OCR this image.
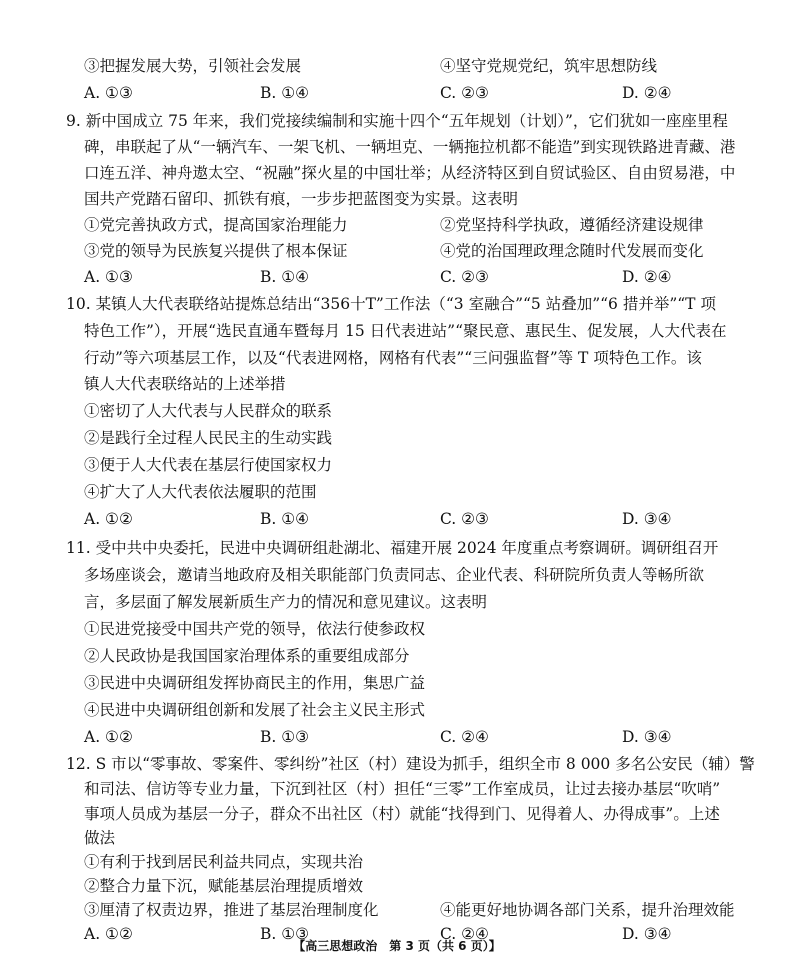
③把握发展大势，引领社会发展	④坚守党规党纪，筑牢思想防线
A. ①③	B. ①④	C. ②③	D. ②④
9. 新中国成立 75 年来，我们党接续编制和实施十四个“五年规划（计划）”，它们犹如一座座里程
碑，串联起了从“一辆汽车、一架飞机、一辆坦克、一辆拖拉机都不能造”到实现铁路进青藏、港
口连五洋、神舟遨太空、“祝融”探火星的中国壮举；从经济特区到自贸试验区、自由贸易港，中
国共产党踏石留印、抓铁有痕，一步步把蓝图变为实景。这表明
①党完善执政方式，提高国家治理能力	②党坚持科学执政，遵循经济建设规律
③党的领导为民族复兴提供了根本保证	④党的治国理政理念随时代发展而变化
A. ①③	B. ①④	C. ②③	D. ②④
10. 某镇人大代表联络站提炼总结出“356十T”工作法（“3 室融合”“5 站叠加”“6 措并举”“T 项
特色工作”），开展“选民直通车暨每月 15 日代表进站”“聚民意、惠民生、促发展，人大代表在
行动”等六项基层工作，以及“代表进网格，网格有代表”“三问强监督”等 T 项特色工作。该
镇人大代表联络站的上述举措
①密切了人大代表与人民群众的联系
②是践行全过程人民民主的生动实践
③便于人大代表在基层行使国家权力
④扩大了人大代表依法履职的范围
A. ①②	B. ①④	C. ②③	D. ③④
11. 受中共中央委托，民进中央调研组赴湖北、福建开展 2024 年度重点考察调研。调研组召开
多场座谈会，邀请当地政府及相关职能部门负责同志、企业代表、科研院所负责人等畅所欲
言，多层面了解发展新质生产力的情况和意见建议。这表明
①民进党接受中国共产党的领导，依法行使参政权
②人民政协是我国国家治理体系的重要组成部分
③民进中央调研组发挥协商民主的作用，集思广益
④民进中央调研组创新和发展了社会主义民主形式
A. ①②	B. ①③	C. ②④	D. ③④
12. S 市以“零事故、零案件、零纠纷”社区（村）建设为抓手，组织全市 8 000 多名公安民（辅）警
和司法、信访等专业力量，下沉到社区（村）担任“三零”工作室成员，让过去接办基层“吹哨”
事项人员成为基层一分子，群众不出社区（村）就能“找得到门、见得着人、办得成事”。上述
做法
①有利于找到居民利益共同点，实现共治
②整合力量下沉，赋能基层治理提质增效
③厘清了权责边界，推进了基层治理制度化	④能更好地协调各部门关系，提升治理效能
A. ①②	B. ①③	C. ②④	D. ③④
【高三思想政治　第 3 页（共 6 页）】
